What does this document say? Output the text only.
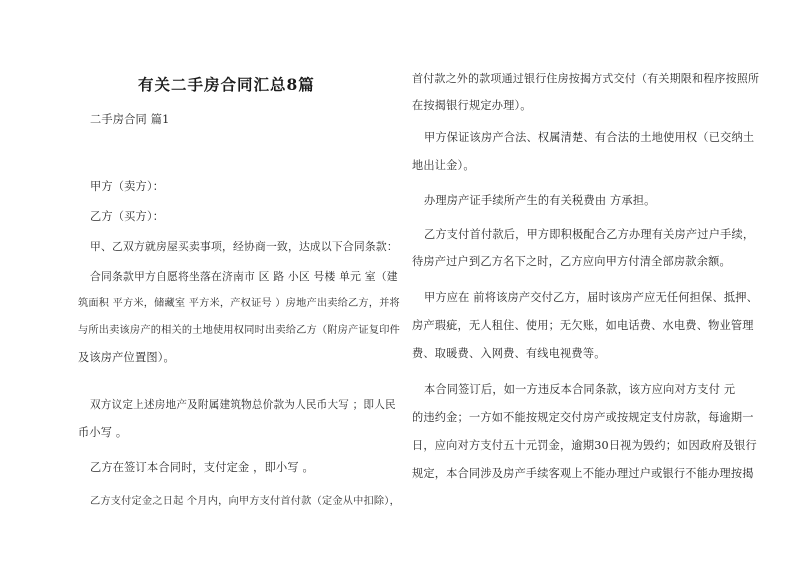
有关二手房合同汇总8篇
二手房合同 篇1
甲方（卖方）：
乙方（买方）：
甲、乙双方就房屋买卖事项，经协商一致，达成以下合同条款：
合同条款甲方自愿将坐落在济南市 区 路 小区 号楼 单元 室（建
筑面积 平方米，储藏室 平方米，产权证号 ）房地产出卖给乙方，并将
与所出卖该房产的相关的土地使用权同时出卖给乙方（附房产证复印件
及该房产位置图）。
双方议定上述房地产及附属建筑物总价款为人民币大写 ；即人民
币小写 。
乙方在签订本合同时，支付定金 ，即小写 。
乙方支付定金之日起 个月内，向甲方支付首付款（定金从中扣除），
首付款之外的款项通过银行住房按揭方式交付（有关期限和程序按照所
在按揭银行规定办理）。
甲方保证该房产合法、权属清楚、有合法的土地使用权（已交纳土
地出让金）。
办理房产证手续所产生的有关税费由 方承担。
乙方支付首付款后，甲方即积极配合乙方办理有关房产过户手续，
待房产过户到乙方名下之时，乙方应向甲方付清全部房款余额。
甲方应在 前将该房产交付乙方，届时该房产应无任何担保、抵押、
房产瑕疵，无人租住、使用；无欠账，如电话费、水电费、物业管理
费、取暖费、入网费、有线电视费等。
本合同签订后，如一方违反本合同条款，该方应向对方支付 元
的违约金；一方如不能按规定交付房产或按规定支付房款，每逾期一
日，应向对方支付五十元罚金，逾期30日视为毁约；如因政府及银行
规定，本合同涉及房产手续客观上不能办理过户或银行不能办理按揭
